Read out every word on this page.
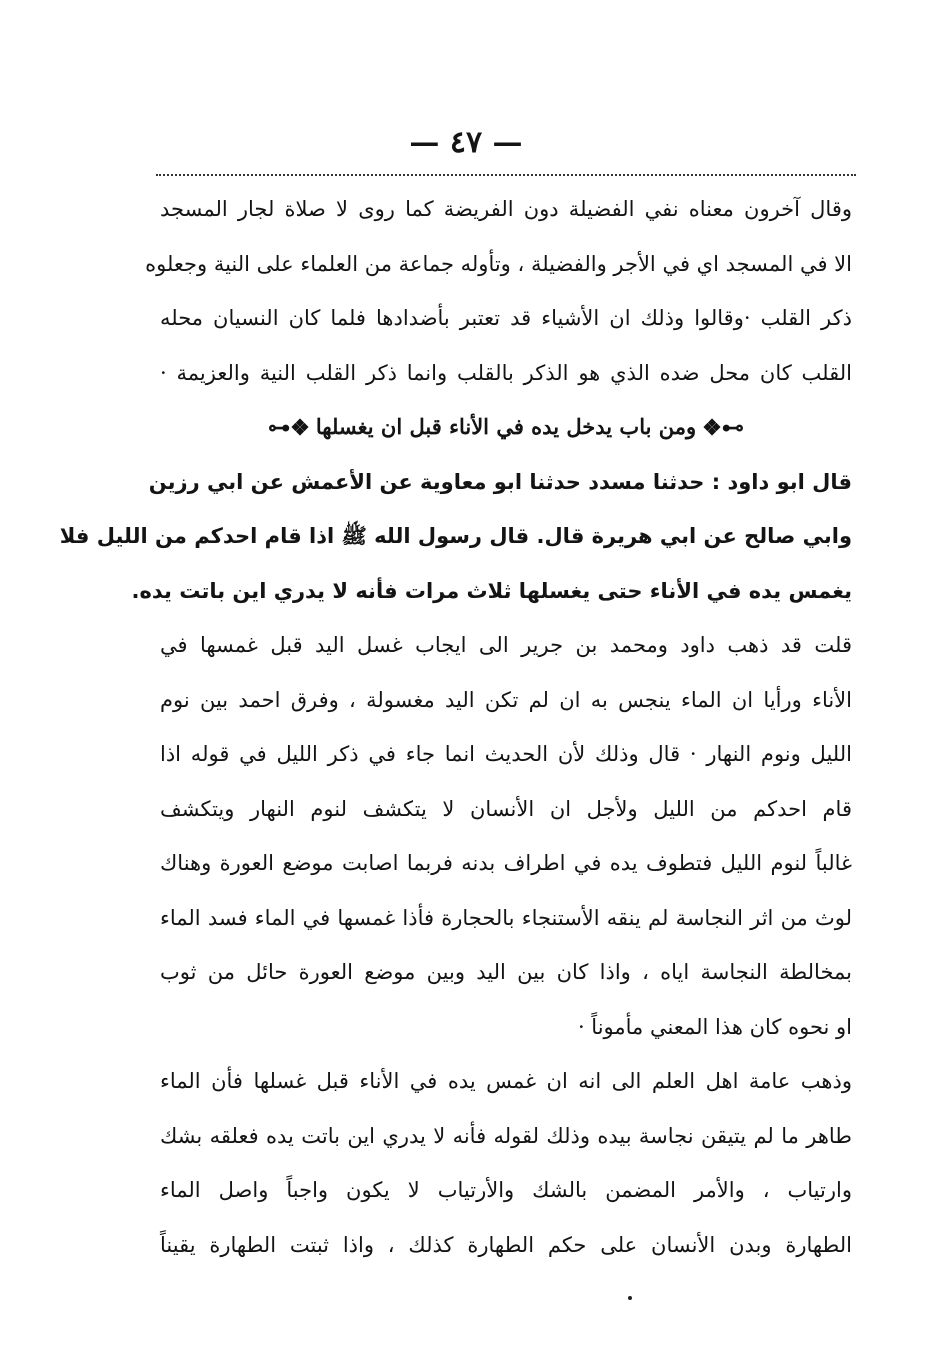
— ٤٧ —
وقال آخرون معناه نفي الفضيلة دون الفريضة كما روى لا صلاة لجار المسجد
الا في المسجد اي في الأجر والفضيلة ، وتأوله جماعة من العلماء على النية وجعلوه
ذكر القلب ·وقالوا وذلك ان الأشياء قد تعتبر بأضدادها فلما كان النسيان محله
القلب كان محل ضده الذي هو الذكر بالقلب وانما ذكر القلب النية والعزيمة ·
⊶❖ومن باب يدخل يده في الأناء قبل ان يغسلها❖⊷
قال ابو داود : حدثنا مسدد حدثنا ابو معاوية عن الأعمش عن ابي رزين
وابي صالح عن ابي هريرة قال. قال رسول الله ﷺ اذا قام احدكم من الليل فلا
يغمس يده في الأناء حتى يغسلها ثلاث مرات فأنه لا يدري اين باتت يده.
قلت قد ذهب داود ومحمد بن جرير الى ايجاب غسل اليد قبل غمسها في
الأناء ورأيا ان الماء ينجس به ان لم تكن اليد مغسولة ، وفرق احمد بين نوم
الليل ونوم النهار · قال وذلك لأن الحديث انما جاء في ذكر الليل في قوله اذا
قام احدكم من الليل ولأجل ان الأنسان لا يتكشف لنوم النهار ويتكشف
غالباً لنوم الليل فتطوف يده في اطراف بدنه فربما اصابت موضع العورة وهناك
لوث من اثر النجاسة لم ينقه الأستنجاء بالحجارة فأذا غمسها في الماء فسد الماء
بمخالطة النجاسة اياه ، واذا كان بين اليد وبين موضع العورة حائل من ثوب
او نحوه كان هذا المعني مأموناً ·
وذهب عامة اهل العلم الى انه ان غمس يده في الأناء قبل غسلها فأن الماء
طاهر ما لم يتيقن نجاسة بيده وذلك لقوله فأنه لا يدري اين باتت يده فعلقه بشك
وارتياب ، والأمر المضمن بالشك والأرتياب لا يكون واجباً واصل الماء
الطهارة وبدن الأنسان على حكم الطهارة كذلك ، واذا ثبتت الطهارة يقيناً
